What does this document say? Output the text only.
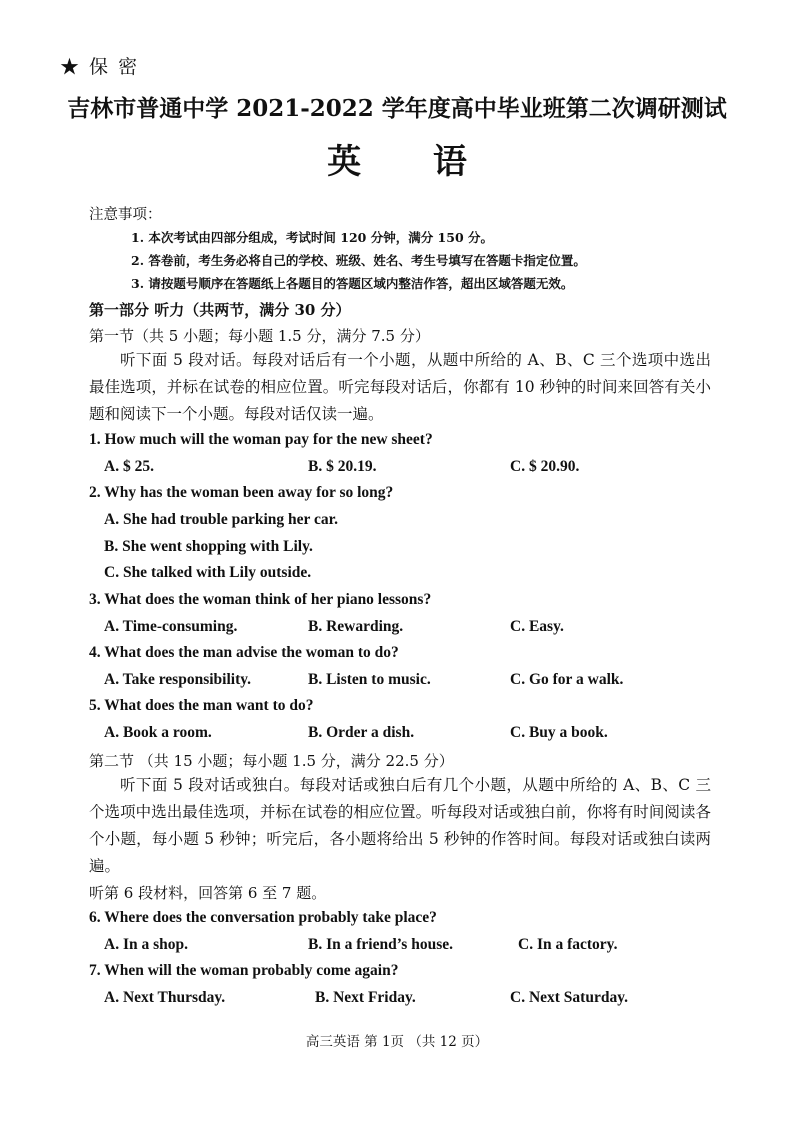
★ 保 密
吉林市普通中学 2021-2022 学年度高中毕业班第二次调研测试
英 语
注意事项：
1. 本次考试由四部分组成，考试时间 120 分钟，满分 150 分。
2. 答卷前，考生务必将自己的学校、班级、姓名、考生号填写在答题卡指定位置。
3. 请按题号顺序在答题纸上各题目的答题区域内整洁作答，超出区域答题无效。
第一部分 听力（共两节，满分 30 分）
第一节（共 5 小题；每小题 1.5 分，满分 7.5 分）
听下面 5 段对话。每段对话后有一个小题，从题中所给的 A、B、C 三个选项中选出最佳选项，并标在试卷的相应位置。听完每段对话后，你都有 10 秒钟的时间来回答有关小题和阅读下一个小题。每段对话仅读一遍。
1. How much will the woman pay for the new sheet?
A. $ 25.	B. $ 20.19.	C. $ 20.90.
2. Why has the woman been away for so long?
A. She had trouble parking her car.
B. She went shopping with Lily.
C. She talked with Lily outside.
3. What does the woman think of her piano lessons?
A. Time-consuming.	B. Rewarding.	C. Easy.
4. What does the man advise the woman to do?
A. Take responsibility.	B. Listen to music.	C. Go for a walk.
5. What does the man want to do?
A. Book a room.	B. Order a dish.	C. Buy a book.
第二节 （共 15 小题；每小题 1.5 分，满分 22.5 分）
听下面 5 段对话或独白。每段对话或独白后有几个小题，从题中所给的 A、B、C 三个选项中选出最佳选项，并标在试卷的相应位置。听每段对话或独白前，你将有时间阅读各个小题，每小题 5 秒钟；听完后，各小题将给出 5 秒钟的作答时间。每段对话或独白读两遍。
听第 6 段材料，回答第 6 至 7 题。
6. Where does the conversation probably take place?
A. In a shop.	B. In a friend’s house.	C. In a factory.
7. When will the woman probably come again?
A. Next Thursday.	B. Next Friday.	C. Next Saturday.
高三英语 第 1页 （共 12 页）
